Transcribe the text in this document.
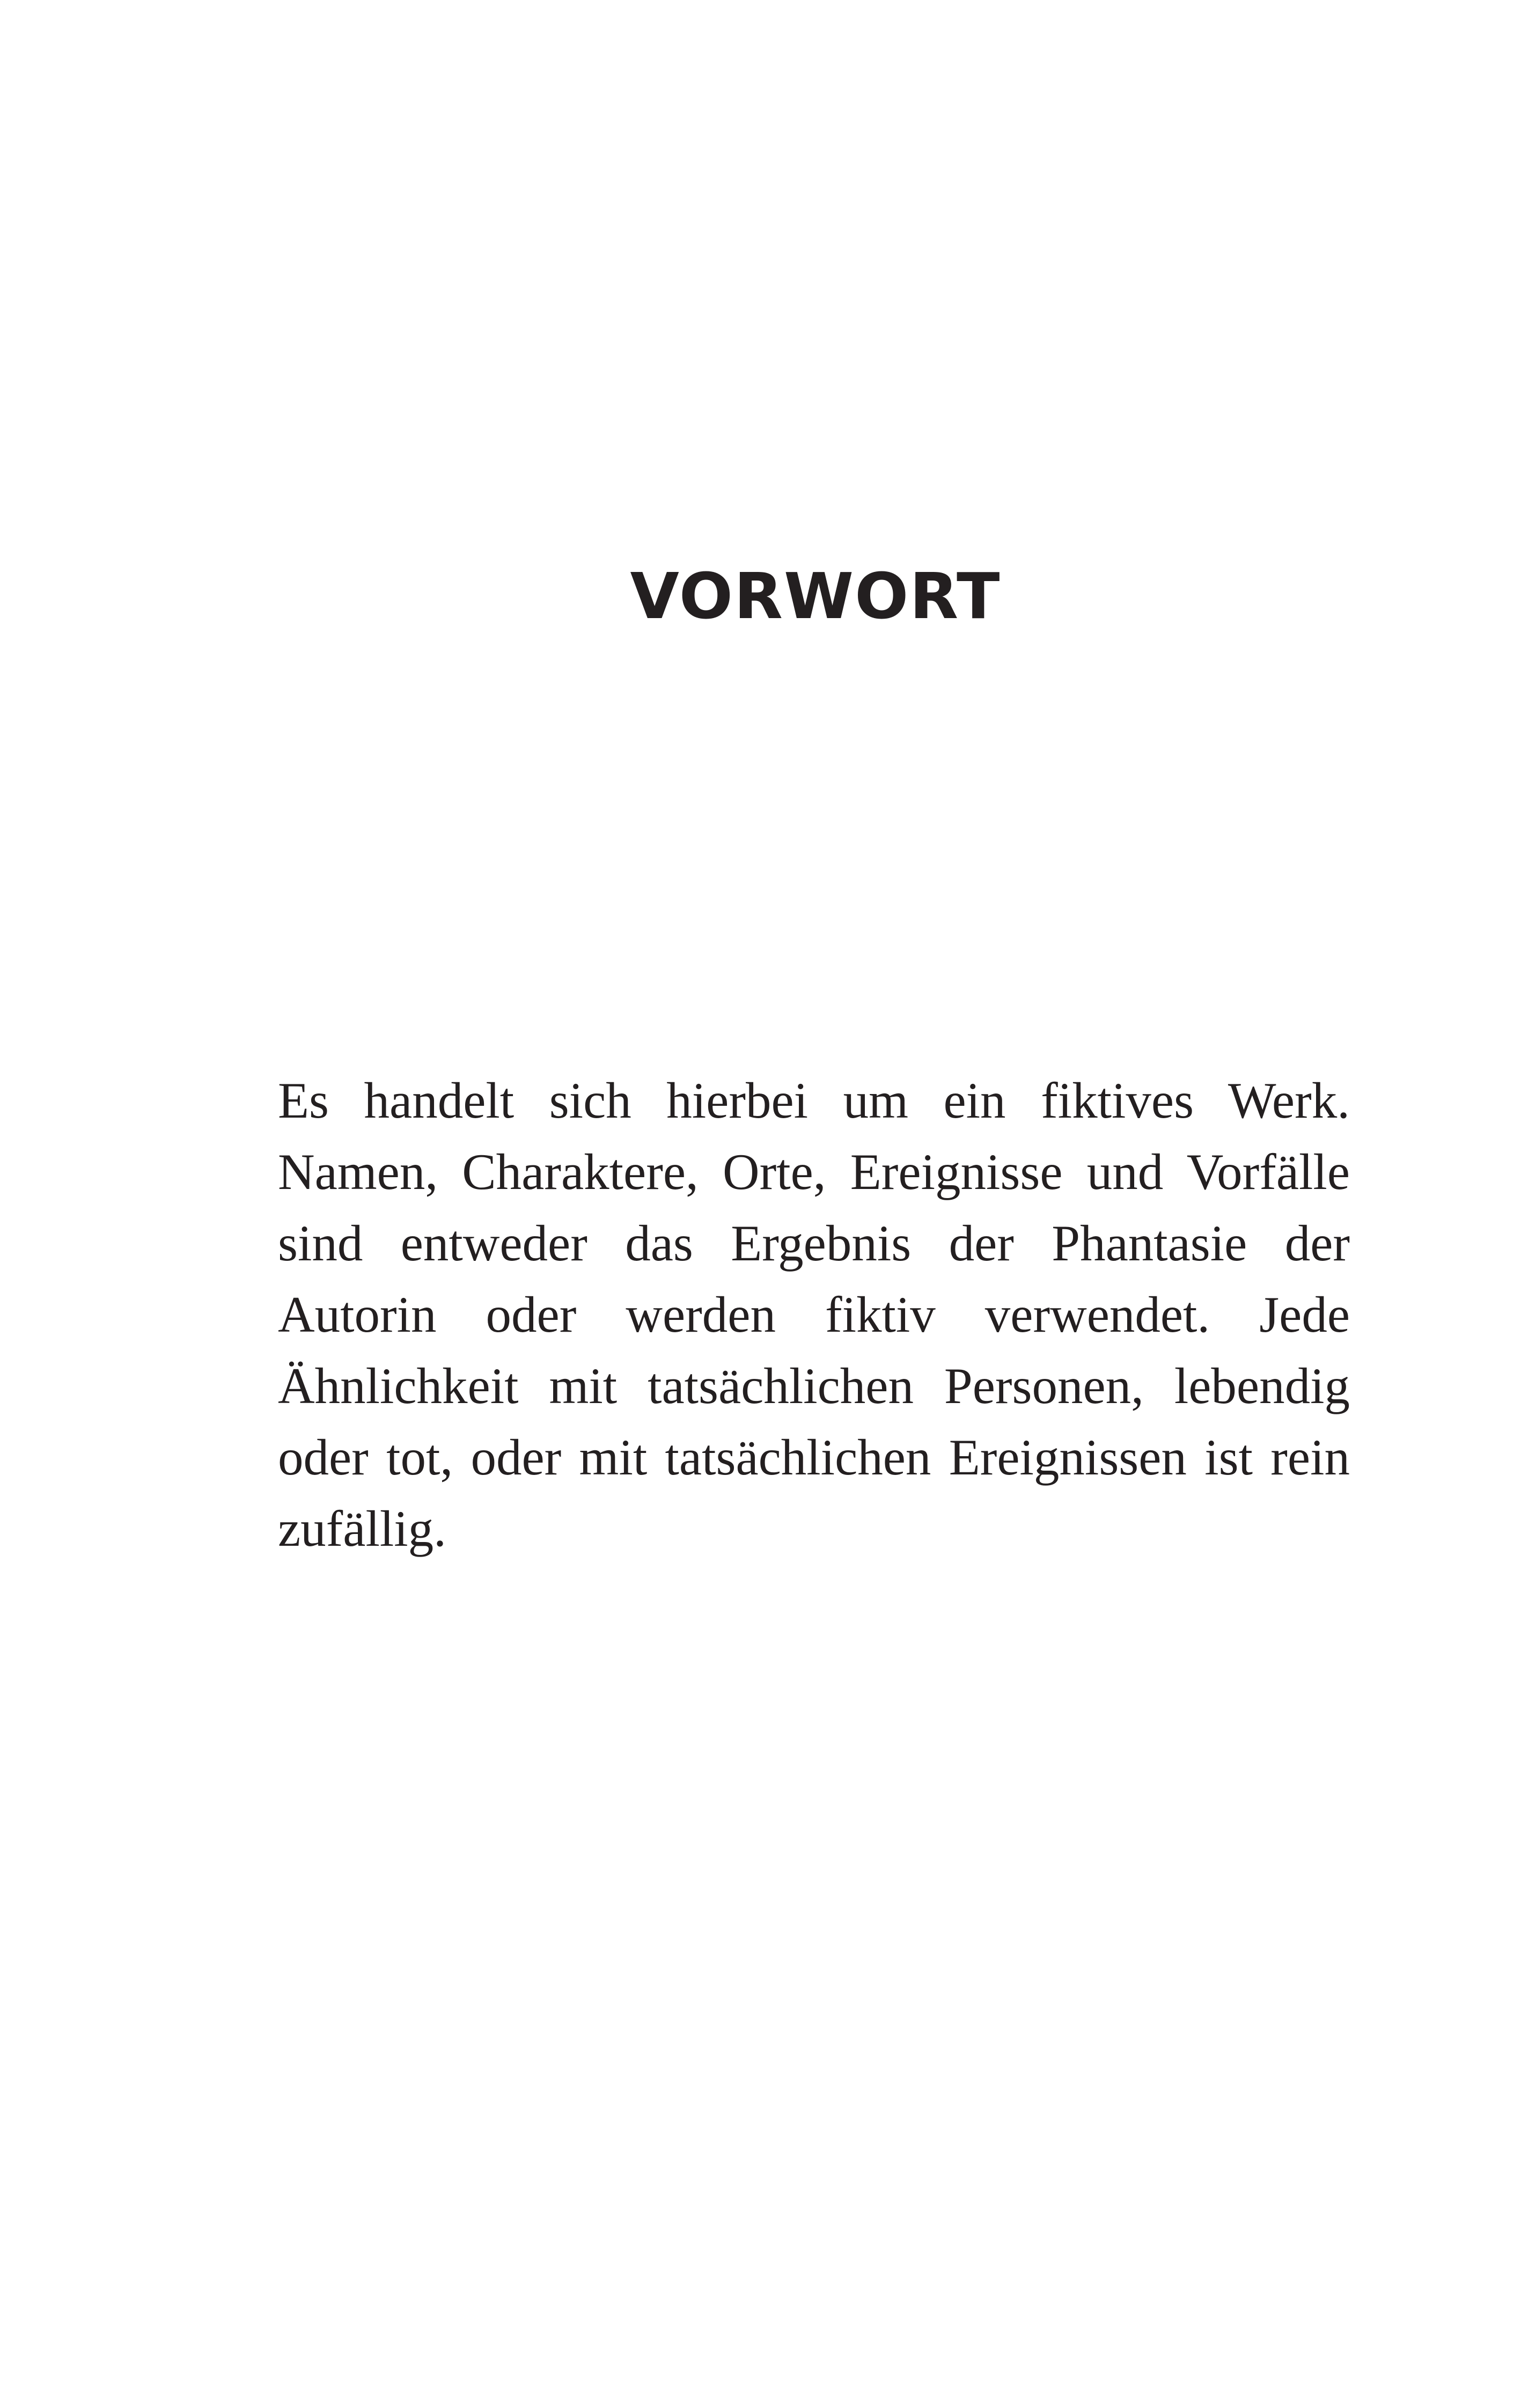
VORWORT

Es handelt sich hierbei um ein fiktives Werk. Namen, Charaktere, Orte, Ereignisse und Vorfälle sind entweder das Ergebnis der Phantasie der Autorin oder werden fiktiv verwendet. Jede Ähnlichkeit mit tatsächlichen Personen, lebendig oder tot, oder mit tatsächlichen Ereignissen ist rein zufällig.
